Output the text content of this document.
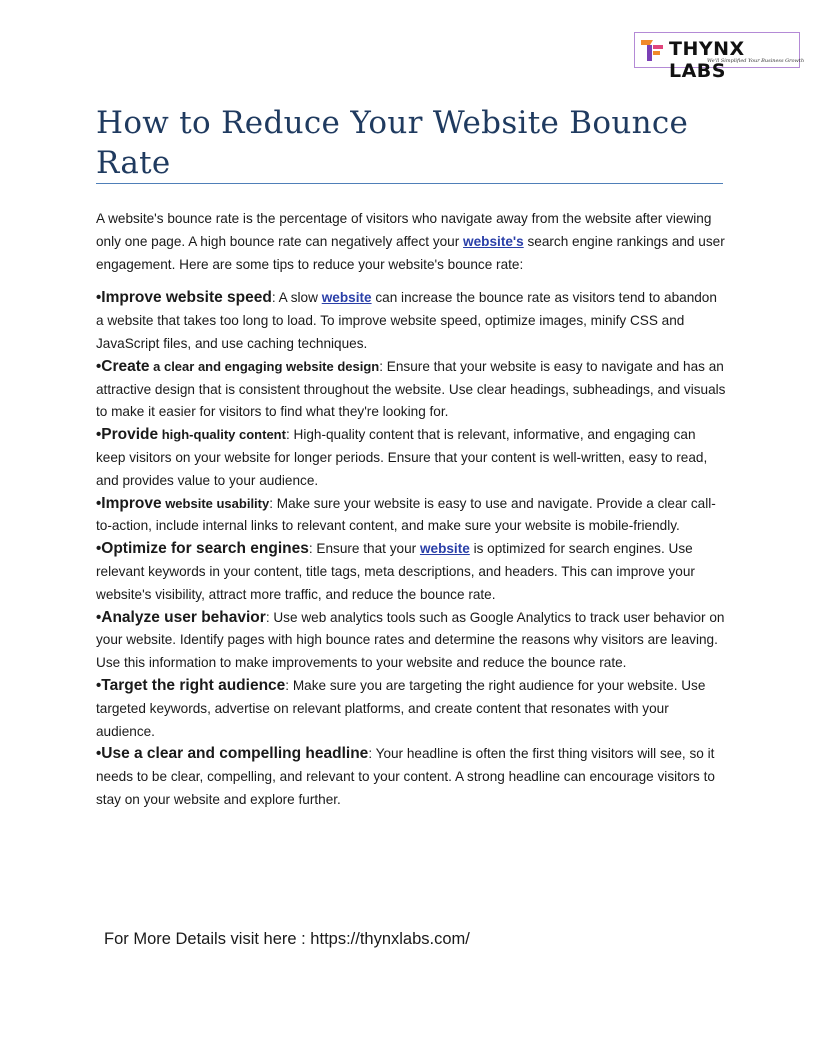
THYNX LABS
We'll Simplified Your Business Growth
How to Reduce Your Website Bounce Rate

A website's bounce rate is the percentage of visitors who navigate away from the website after viewing only one page. A high bounce rate can negatively affect your website's search engine rankings and user engagement. Here are some tips to reduce your website's bounce rate:

•Improve website speed: A slow website can increase the bounce rate as visitors tend to abandon a website that takes too long to load. To improve website speed, optimize images, minify CSS and JavaScript files, and use caching techniques.

•Create a clear and engaging website design: Ensure that your website is easy to navigate and has an attractive design that is consistent throughout the website. Use clear headings, subheadings, and visuals to make it easier for visitors to find what they're looking for.

•Provide high-quality content: High-quality content that is relevant, informative, and engaging can keep visitors on your website for longer periods. Ensure that your content is well-written, easy to read, and provides value to your audience.

•Improve website usability: Make sure your website is easy to use and navigate. Provide a clear call-to-action, include internal links to relevant content, and make sure your website is mobile-friendly.

•Optimize for search engines: Ensure that your website is optimized for search engines. Use relevant keywords in your content, title tags, meta descriptions, and headers. This can improve your website's visibility, attract more traffic, and reduce the bounce rate.

•Analyze user behavior: Use web analytics tools such as Google Analytics to track user behavior on your website. Identify pages with high bounce rates and determine the reasons why visitors are leaving. Use this information to make improvements to your website and reduce the bounce rate.

•Target the right audience: Make sure you are targeting the right audience for your website. Use targeted keywords, advertise on relevant platforms, and create content that resonates with your audience.

•Use a clear and compelling headline: Your headline is often the first thing visitors will see, so it needs to be clear, compelling, and relevant to your content. A strong headline can encourage visitors to stay on your website and explore further.

For More Details visit here : https://thynxlabs.com/
